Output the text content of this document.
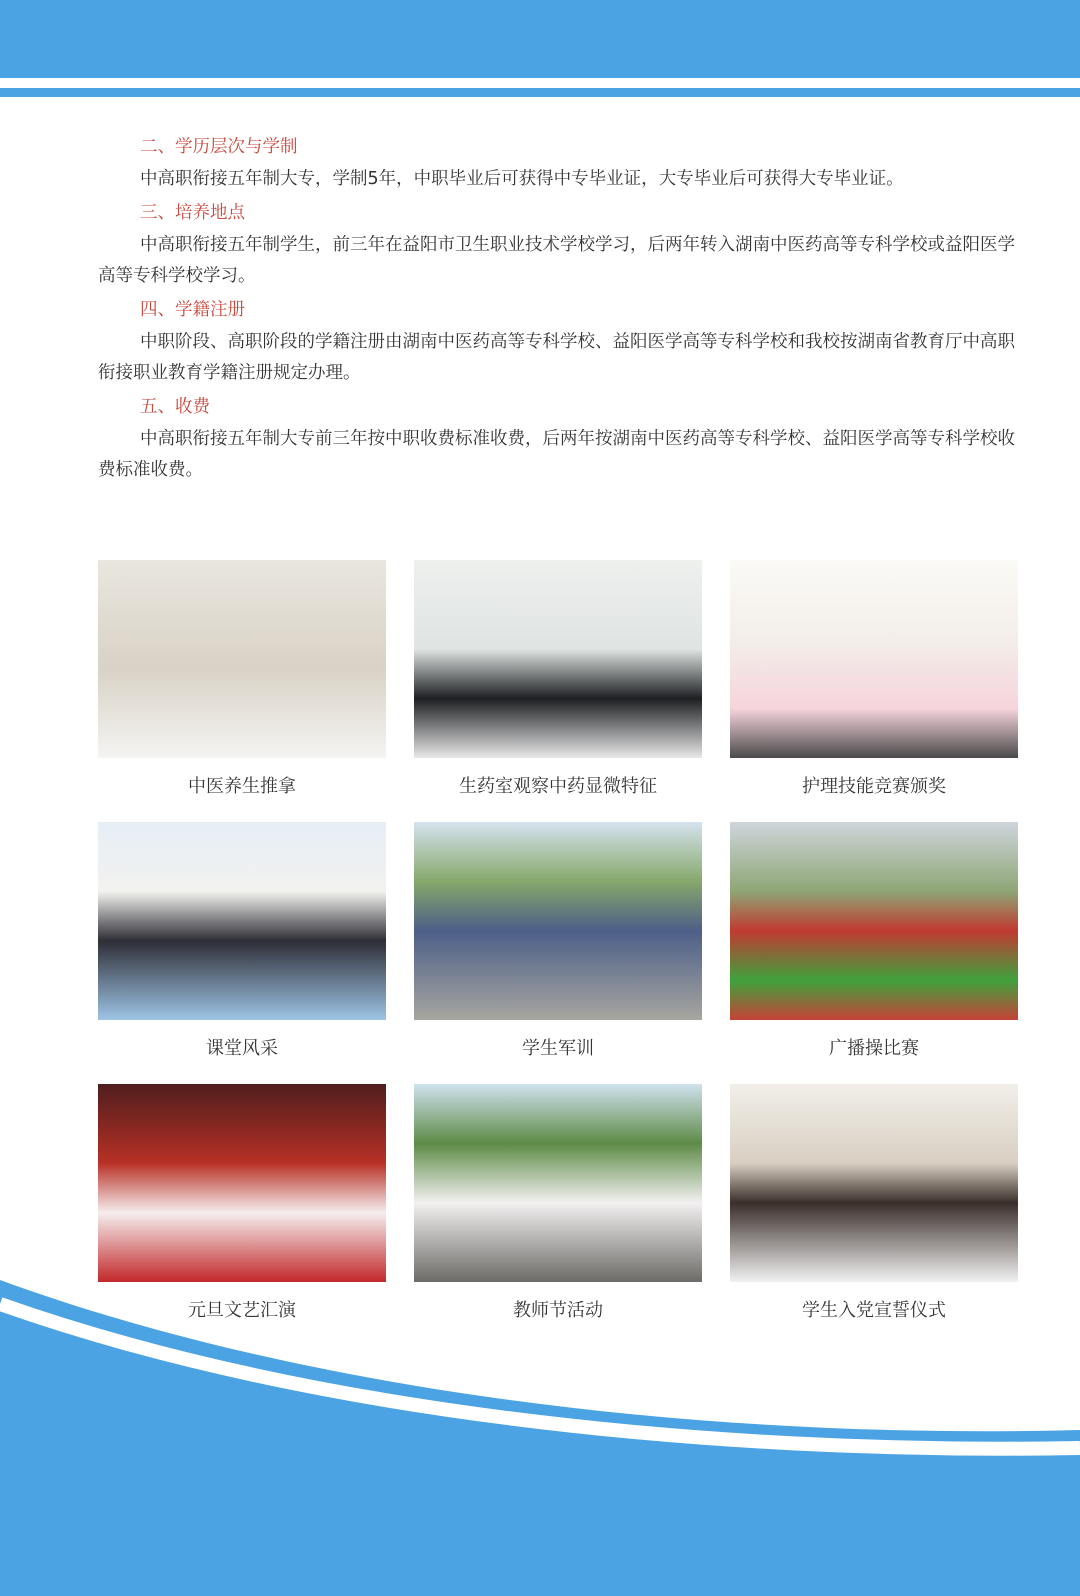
二、学历层次与学制

中高职衔接五年制大专，学制5年，中职毕业后可获得中专毕业证，大专毕业后可获得大专毕业证。

三、培养地点

中高职衔接五年制学生，前三年在益阳市卫生职业技术学校学习，后两年转入湖南中医药高等专科学校或益阳医学高等专科学校学习。

四、学籍注册

中职阶段、高职阶段的学籍注册由湖南中医药高等专科学校、益阳医学高等专科学校和我校按湖南省教育厅中高职衔接职业教育学籍注册规定办理。

五、收费

中高职衔接五年制大专前三年按中职收费标准收费，后两年按湖南中医药高等专科学校、益阳医学高等专科学校收费标准收费。

中医养生推拿	生药室观察中药显微特征	护理技能竞赛颁奖
课堂风采	学生军训	广播操比赛
元旦文艺汇演	教师节活动	学生入党宣誓仪式
